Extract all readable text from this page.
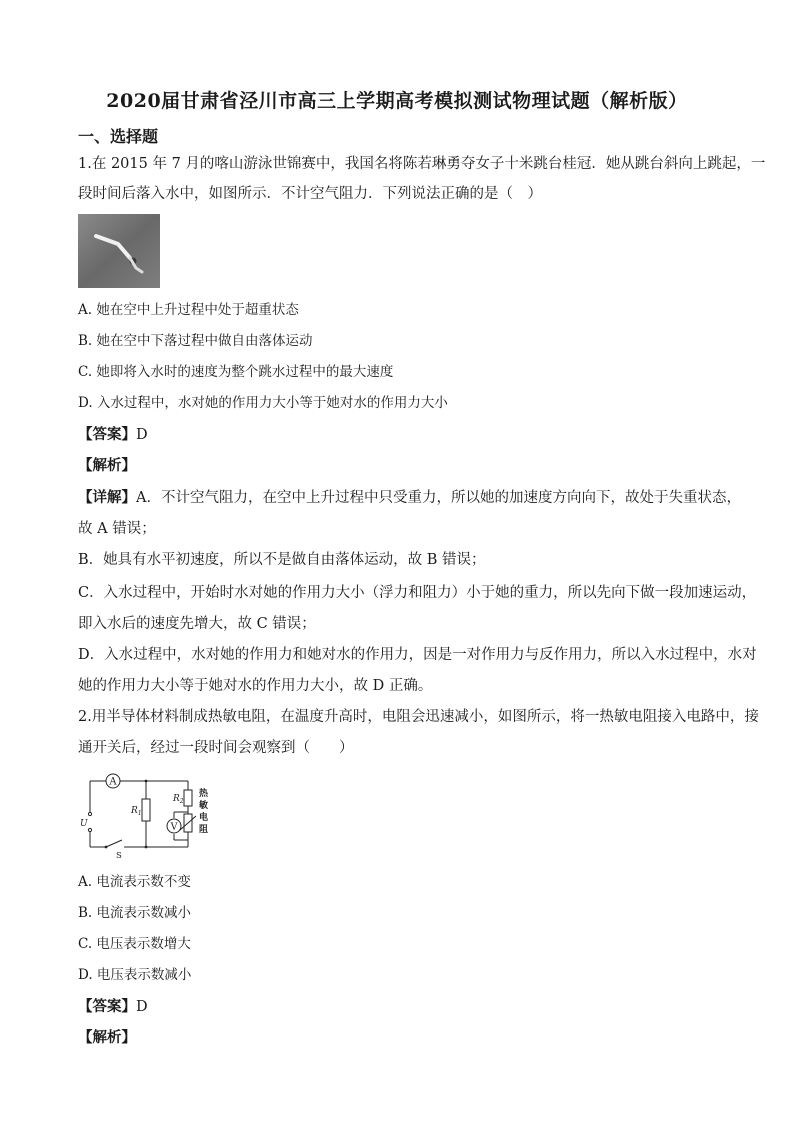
2020届甘肃省泾川市高三上学期高考模拟测试物理试题（解析版）
一、选择题
1.在 2015 年 7 月的喀山游泳世锦赛中，我国名将陈若琳勇夺女子十米跳台桂冠．她从跳台斜向上跳起，一
段时间后落入水中，如图所示．不计空气阻力．下列说法正确的是（　）
A. 她在空中上升过程中处于超重状态
B. 她在空中下落过程中做自由落体运动
C. 她即将入水时的速度为整个跳水过程中的最大速度
D. 入水过程中，水对她的作用力大小等于她对水的作用力大小
【答案】D
【解析】
【详解】A．不计空气阻力，在空中上升过程中只受重力，所以她的加速度方向向下，故处于失重状态，
故 A 错误；
B．她具有水平初速度，所以不是做自由落体运动，故 B 错误；
C．入水过程中，开始时水对她的作用力大小（浮力和阻力）小于她的重力，所以先向下做一段加速运动，
即入水后的速度先增大，故 C 错误；
D．入水过程中，水对她的作用力和她对水的作用力，因是一对作用力与反作用力，所以入水过程中，水对
她的作用力大小等于她对水的作用力大小，故 D 正确。
2.用半导体材料制成热敏电阻，在温度升高时，电阻会迅速减小，如图所示，将一热敏电阻接入电路中，接
通开关后，经过一段时间会观察到（　　）
A
V
$R_1$
$R_2$
U
S
热
敏
电
阻
A. 电流表示数不变
B. 电流表示数减小
C. 电压表示数增大
D. 电压表示数减小
【答案】D
【解析】
